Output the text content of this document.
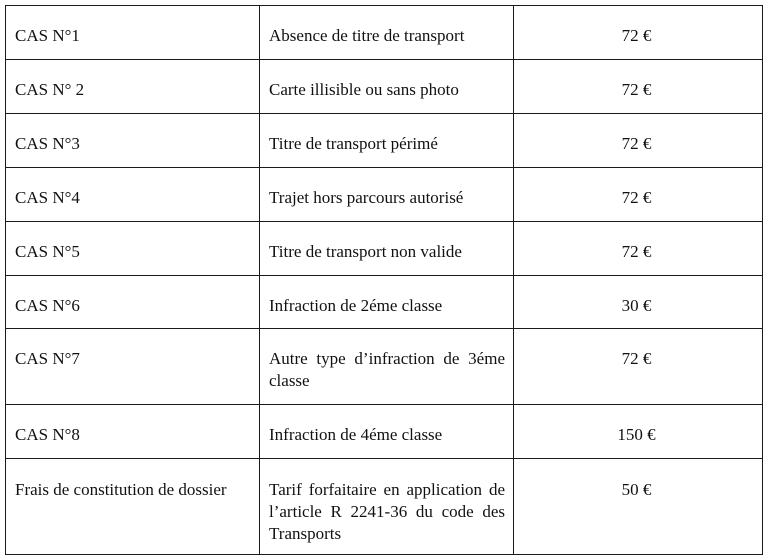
CAS N°1	Absence de titre de transport	72 €

CAS N° 2	Carte illisible ou sans photo	72 €

CAS N°3	Titre de transport périmé	72 €

CAS N°4	Trajet hors parcours autorisé	72 €

CAS N°5	Titre de transport non valide	72 €

CAS N°6	Infraction de 2éme classe	30 €

CAS N°7	Autre type d’infraction de 3éme classe	72 €

CAS N°8	Infraction de 4éme classe	150 €

Frais de constitution de dossier	Tarif forfaitaire en application de l’article R 2241-36 du code des Transports	50 €
